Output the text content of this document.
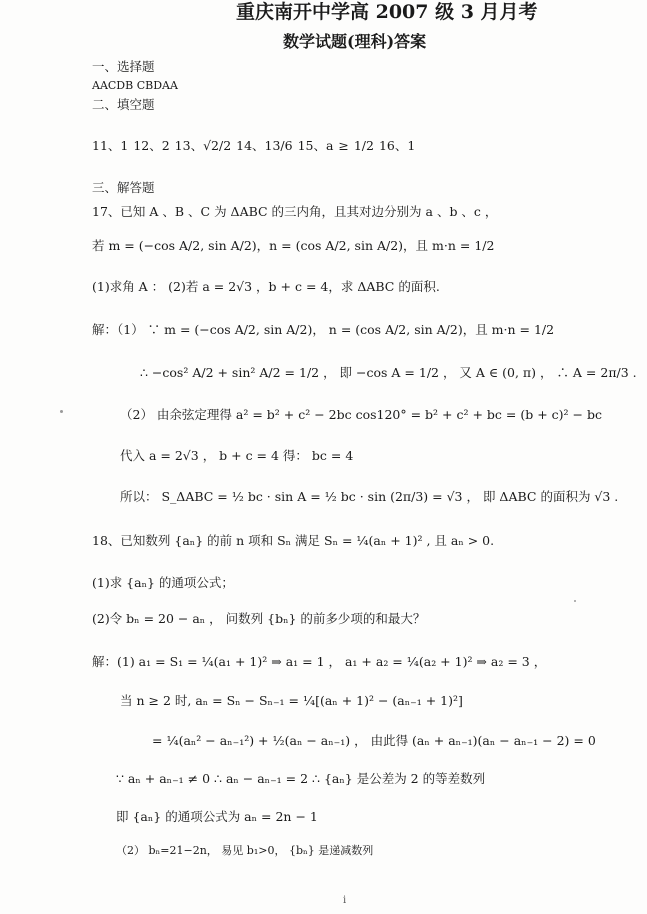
重庆南开中学高 2007 级 3 月月考
数学试题(理科)答案
一、选择题
AACDB CBDAA
二、填空题
11、1 12、2 13、√2/2 14、13/6 15、a ≥ 1/2 16、1
三、解答题
17、已知 A 、B 、C 为 ΔABC 的三内角，且其对边分别为 a 、b 、c ，
若 m = (−cos A/2, sin A/2)，n = (cos A/2, sin A/2)，且 m·n = 1/2
(1)求角 A ： (2)若 a = 2√3 ，b + c = 4，求 ΔABC 的面积.
解：（1） ∵ m = (−cos A/2, sin A/2)， n = (cos A/2, sin A/2)，且 m·n = 1/2
∴ −cos² A/2 + sin² A/2 = 1/2 ， 即 −cos A = 1/2 ， 又 A ∈ (0, π) ， ∴ A = 2π/3 .
（2） 由余弦定理得 a² = b² + c² − 2bc cos120° = b² + c² + bc = (b + c)² − bc
代入 a = 2√3 ， b + c = 4 得： bc = 4
所以： S_ΔABC = ½ bc · sin A = ½ bc · sin (2π/3) = √3 ， 即 ΔABC 的面积为 √3 .
18、已知数列 {aₙ} 的前 n 项和 Sₙ 满足 Sₙ = ¼(aₙ + 1)² , 且 aₙ > 0.
(1)求 {aₙ} 的通项公式；
(2)令 bₙ = 20 − aₙ ， 问数列 {bₙ} 的前多少项的和最大？
解：(1) a₁ = S₁ = ¼(a₁ + 1)² ⇒ a₁ = 1 ， a₁ + a₂ = ¼(a₂ + 1)² ⇒ a₂ = 3 ，
当 n ≥ 2 时, aₙ = Sₙ − Sₙ₋₁ = ¼[(aₙ + 1)² − (aₙ₋₁ + 1)²]
= ¼(aₙ² − aₙ₋₁²) + ½(aₙ − aₙ₋₁) ， 由此得 (aₙ + aₙ₋₁)(aₙ − aₙ₋₁ − 2) = 0
∵ aₙ + aₙ₋₁ ≠ 0 ∴ aₙ − aₙ₋₁ = 2 ∴ {aₙ} 是公差为 2 的等差数列
即 {aₙ} 的通项公式为 aₙ = 2n − 1
（2） bₙ=21−2n， 易见 b₁>0， {bₙ} 是递减数列
i
